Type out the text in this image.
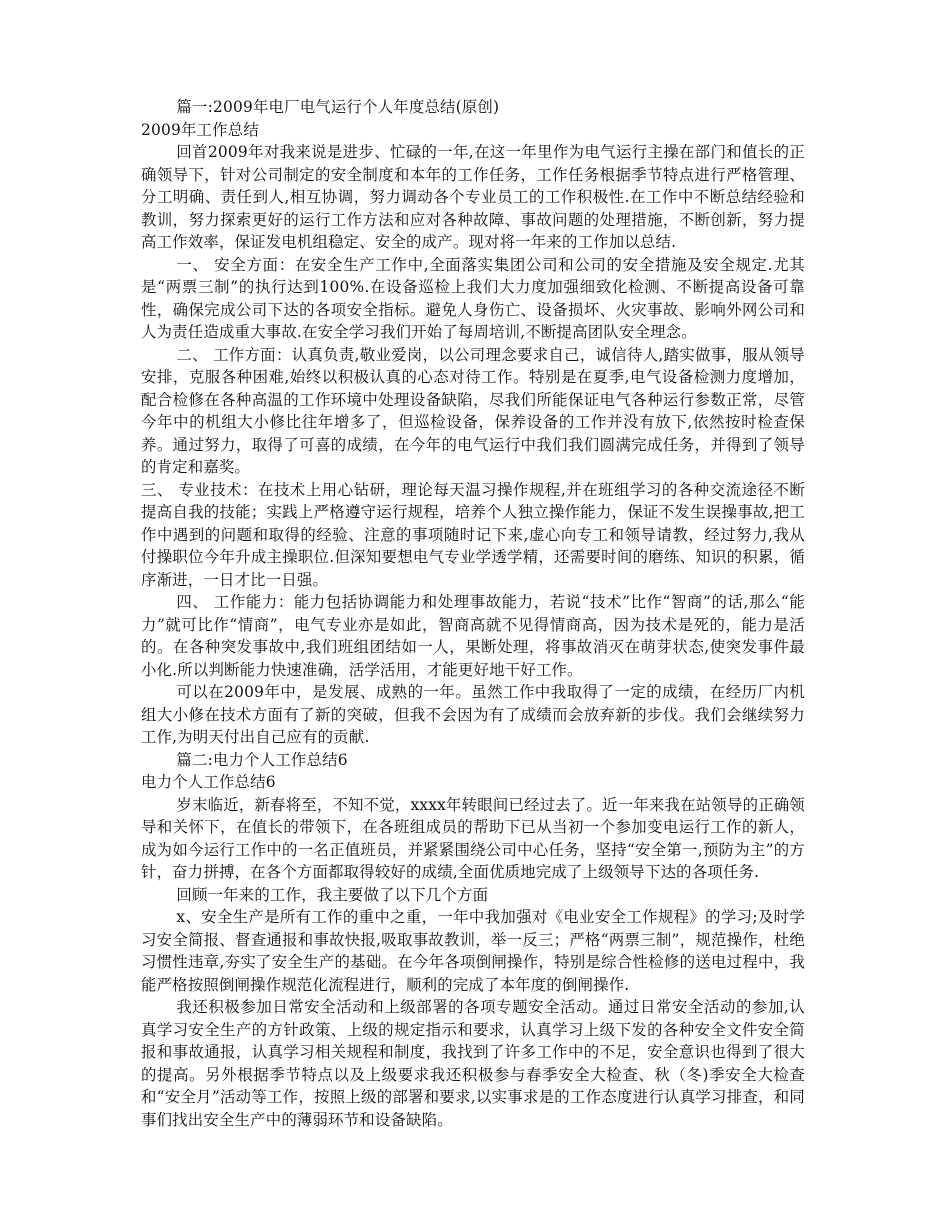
篇一:2009年电厂电气运行个人年度总结(原创)

2009年工作总结

回首2009年对我来说是进步、忙碌的一年,在这一年里作为电气运行主操在部门和值长的正确领导下，针对公司制定的安全制度和本年的工作任务，工作任务根据季节特点进行严格管理、分工明确、责任到人,相互协调，努力调动各个专业员工的工作积极性.在工作中不断总结经验和教训，努力探索更好的运行工作方法和应对各种故障、事故问题的处理措施，不断创新，努力提高工作效率，保证发电机组稳定、安全的成产。现对将一年来的工作加以总结.

一、 安全方面：在安全生产工作中,全面落实集团公司和公司的安全措施及安全规定.尤其是“两票三制”的执行达到100%.在设备巡检上我们大力度加强细致化检测、不断提高设备可靠性，确保完成公司下达的各项安全指标。避免人身伤亡、设备损坏、火灾事故、影响外网公司和人为责任造成重大事故.在安全学习我们开始了每周培训,不断提高团队安全理念。

二、 工作方面：认真负责,敬业爱岗，以公司理念要求自己，诚信待人,踏实做事，服从领导安排，克服各种困难,始终以积极认真的心态对待工作。特别是在夏季,电气设备检测力度增加，配合检修在各种高温的工作环境中处理设备缺陷，尽我们所能保证电气各种运行参数正常，尽管今年中的机组大小修比往年增多了，但巡检设备，保养设备的工作并没有放下,依然按时检查保养。通过努力，取得了可喜的成绩，在今年的电气运行中我们我们圆满完成任务，并得到了领导的肯定和嘉奖。

三、 专业技术：在技术上用心钻研，理论每天温习操作规程,并在班组学习的各种交流途径不断提高自我的技能；实践上严格遵守运行规程，培养个人独立操作能力，保证不发生误操事故,把工作中遇到的问题和取得的经验、注意的事项随时记下来,虚心向专工和领导请教，经过努力,我从付操职位今年升成主操职位.但深知要想电气专业学透学精，还需要时间的磨练、知识的积累，循序渐进，一日才比一日强。

四、 工作能力：能力包括协调能力和处理事故能力，若说“技术”比作“智商”的话,那么“能力”就可比作“情商”，电气专业亦是如此，智商高就不见得情商高，因为技术是死的，能力是活的。在各种突发事故中,我们班组团结如一人，果断处理，将事故消灭在萌芽状态,使突发事件最小化.所以判断能力快速准确，活学活用，才能更好地干好工作。

可以在2009年中，是发展、成熟的一年。虽然工作中我取得了一定的成绩，在经历厂内机组大小修在技术方面有了新的突破，但我不会因为有了成绩而会放弃新的步伐。我们会继续努力工作,为明天付出自己应有的贡献.

篇二:电力个人工作总结6

电力个人工作总结6

岁末临近，新春将至，不知不觉，xxxx年转眼间已经过去了。近一年来我在站领导的正确领导和关怀下，在值长的带领下，在各班组成员的帮助下已从当初一个参加变电运行工作的新人，成为如今运行工作中的一名正值班员，并紧紧围绕公司中心任务，坚持“安全第一,预防为主”的方针，奋力拼搏，在各个方面都取得较好的成绩,全面优质地完成了上级领导下达的各项任务.

回顾一年来的工作，我主要做了以下几个方面

x、安全生产是所有工作的重中之重，一年中我加强对《电业安全工作规程》的学习;及时学习安全简报、督查通报和事故快报,吸取事故教训，举一反三；严格“两票三制”，规范操作，杜绝习惯性违章,夯实了安全生产的基础。在今年各项倒闸操作，特别是综合性检修的送电过程中，我能严格按照倒闸操作规范化流程进行，顺利的完成了本年度的倒闸操作.

我还积极参加日常安全活动和上级部署的各项专题安全活动。通过日常安全活动的参加,认真学习安全生产的方针政策、上级的规定指示和要求，认真学习上级下发的各种安全文件安全简报和事故通报，认真学习相关规程和制度，我找到了许多工作中的不足，安全意识也得到了很大的提高。另外根据季节特点以及上级要求我还积极参与春季安全大检查、秋（冬)季安全大检查和“安全月”活动等工作，按照上级的部署和要求,以实事求是的工作态度进行认真学习排查，和同事们找出安全生产中的薄弱环节和设备缺陷。
